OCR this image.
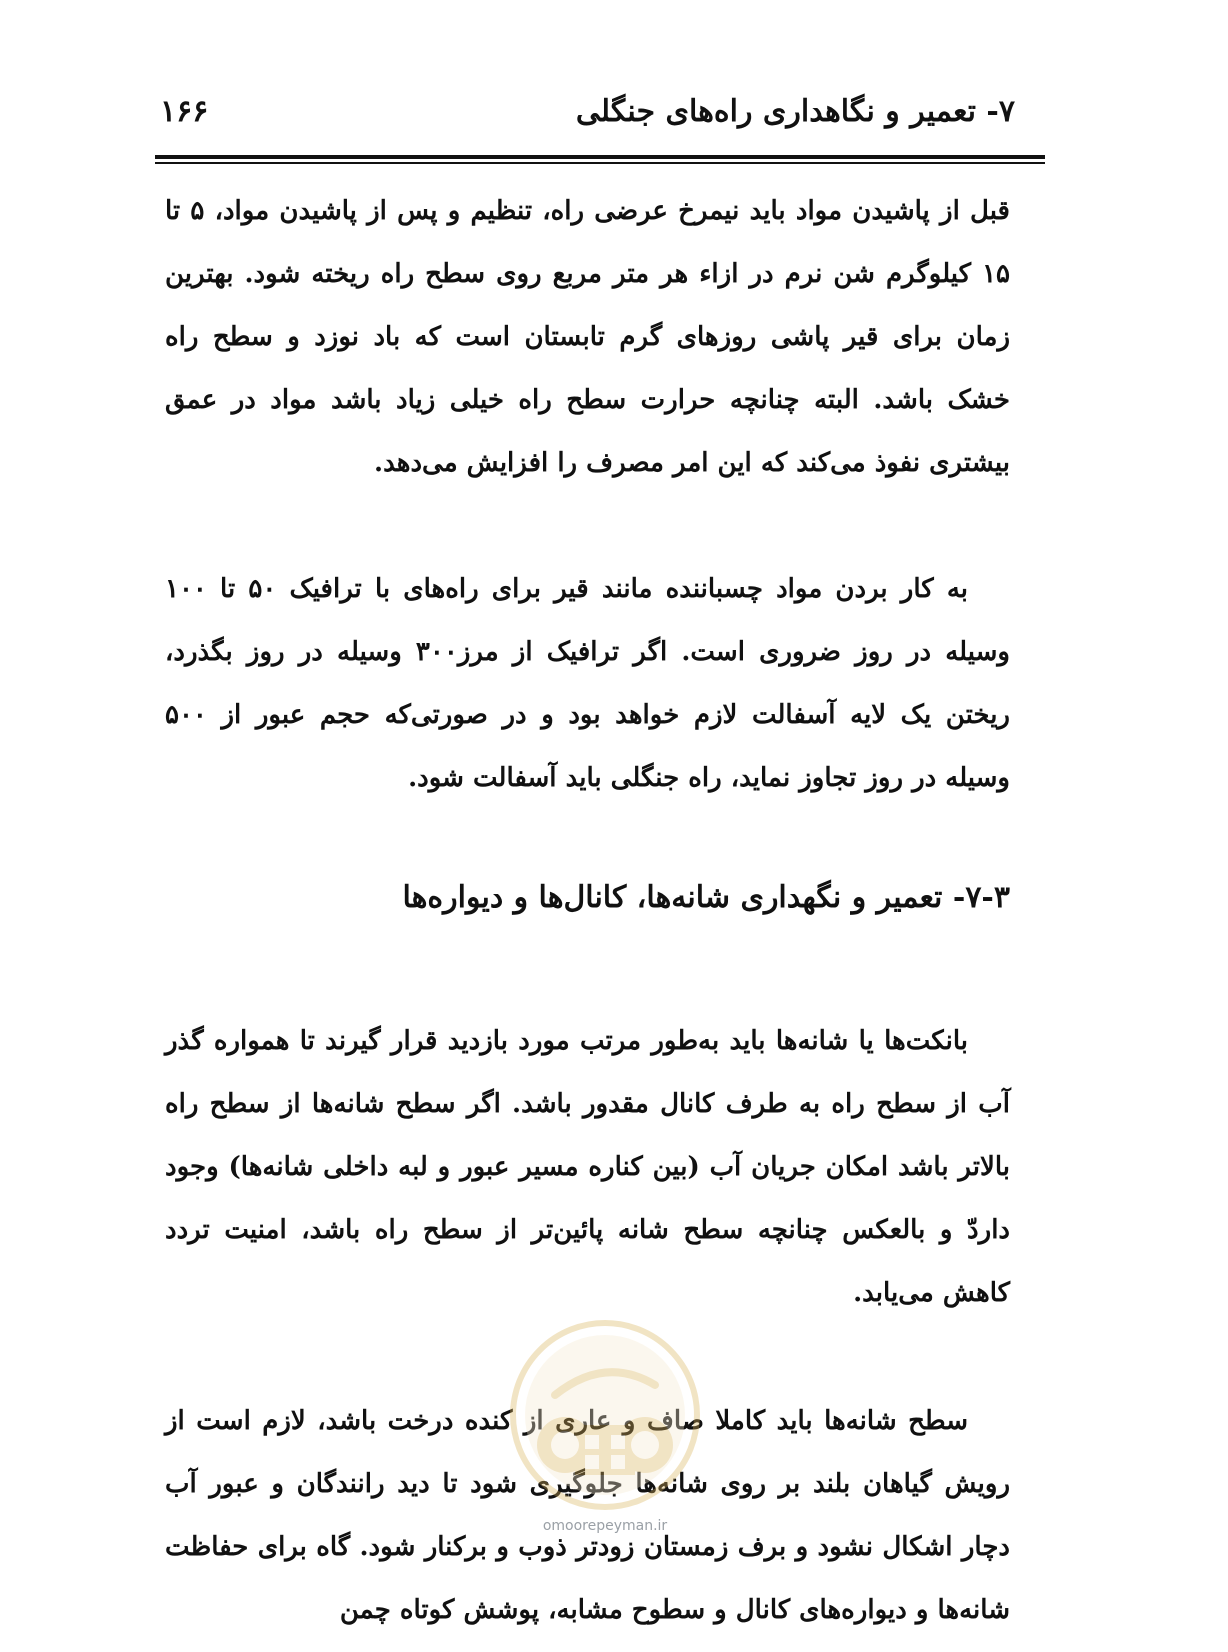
۷- تعمیر و نگاهداری راه‌های جنگلی
۱۶۶

قبل از پاشیدن مواد باید نیمرخ عرضی راه، تنظیم و پس از پاشیدن مواد، ۵ تا ۱۵ کیلوگرم شن نرم در ازاء هر متر مربع روی سطح راه ریخته شود. بهترین زمان برای قیر پاشی روزهای گرم تابستان است که باد نوزد و سطح راه خشک باشد. البته چنانچه حرارت سطح راه خیلی زیاد باشد مواد در عمق بیشتری نفوذ می‌کند که این امر مصرف را افزایش می‌دهد.

به کار بردن مواد چسباننده مانند قیر برای راه‌های با ترافیک ۵۰ تا ۱۰۰ وسیله در روز ضروری است. اگر ترافیک از مرز۳۰۰ وسیله در روز بگذرد، ریختن یک لایه آسفالت لازم خواهد بود و در صورتی‌که حجم عبور از ۵۰۰ وسیله در روز تجاوز نماید، راه جنگلی باید آسفالت شود.

۷-۳- تعمیر و نگهداری شانه‌ها، کانال‌ها و دیواره‌ها

بانکت‌ها یا شانه‌ها باید به‌طور مرتب مورد بازدید قرار گیرند تا همواره گذر آب از سطح راه به طرف کانال مقدور باشد. اگر سطح شانه‌ها از سطح راه بالاتر باشد امکان جریان آب (بین کناره مسیر عبور و لبه داخلی شانه‌ها) وجود داردّ و بالعکس چنانچه سطح شانه پائین‌تر از سطح راه باشد، امنیت تردد کاهش می‌یابد.

سطح شانه‌ها باید کاملا صاف و عاری از کنده درخت باشد، لازم است از رویش گیاهان بلند بر روی شانه‌ها جلوگیری شود تا دید رانندگان و عبور آب دچار اشکال نشود و برف زمستان زودتر ذوب و برکنار شود. گاه برای حفاظت شانه‌ها و دیواره‌های کانال و سطوح مشابه، پوشش کوتاه چمن

omoorepeyman.ir
